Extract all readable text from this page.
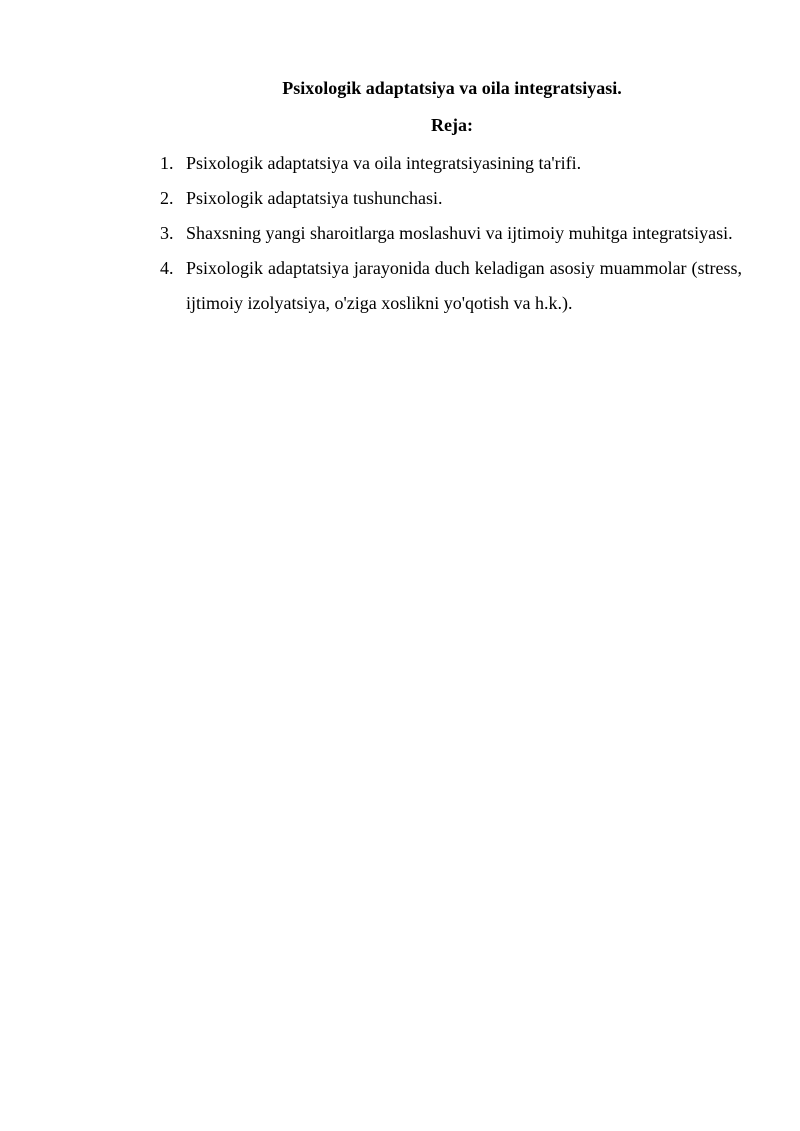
Psixologik adaptatsiya va oila integratsiyasi.
Reja:
1. Psixologik adaptatsiya va oila integratsiyasining ta'rifi.
2. Psixologik adaptatsiya tushunchasi.
3. Shaxsning yangi sharoitlarga moslashuvi va ijtimoiy muhitga integratsiyasi.
4. Psixologik adaptatsiya jarayonida duch keladigan asosiy muammolar (stress, ijtimoiy izolyatsiya, o'ziga xoslikni yo'qotish va h.k.).
